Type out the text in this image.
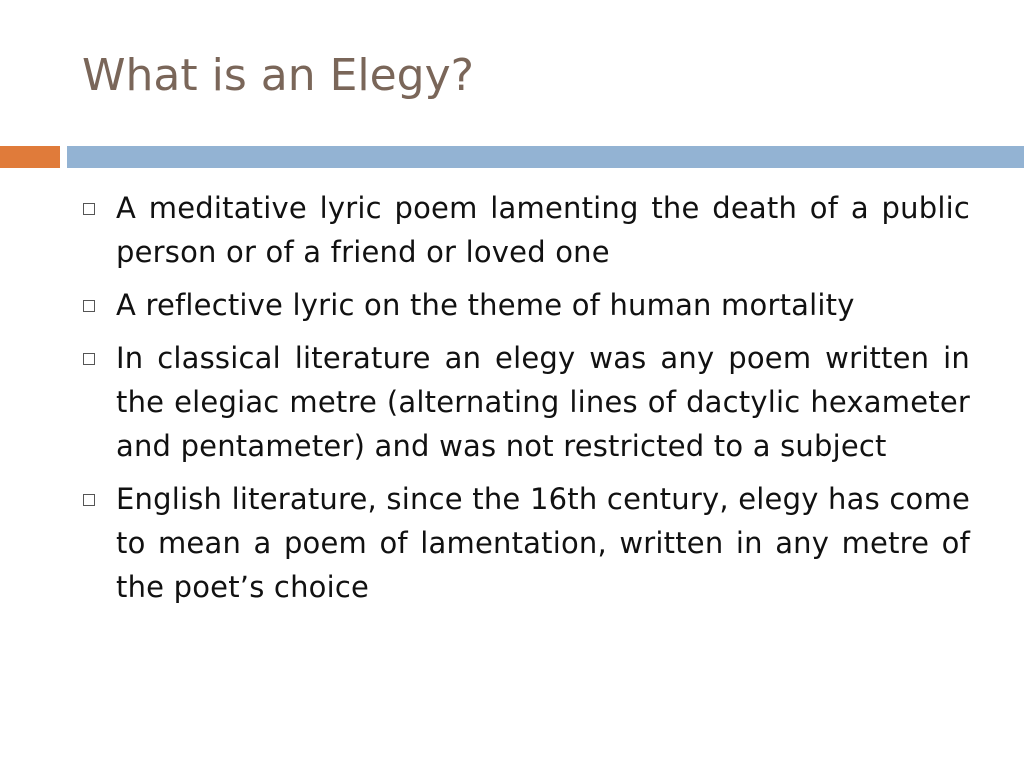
What is an Elegy?
A meditative lyric poem lamenting the death of a public person or of a friend or loved one
A reflective lyric on the theme of human mortality
In classical literature an elegy was any poem written in the elegiac metre (alternating lines of dactylic hexameter and pentameter) and was not restricted to a subject
English literature, since the 16th century, elegy has come to mean a poem of lamentation, written in any metre of the poet’s choice
